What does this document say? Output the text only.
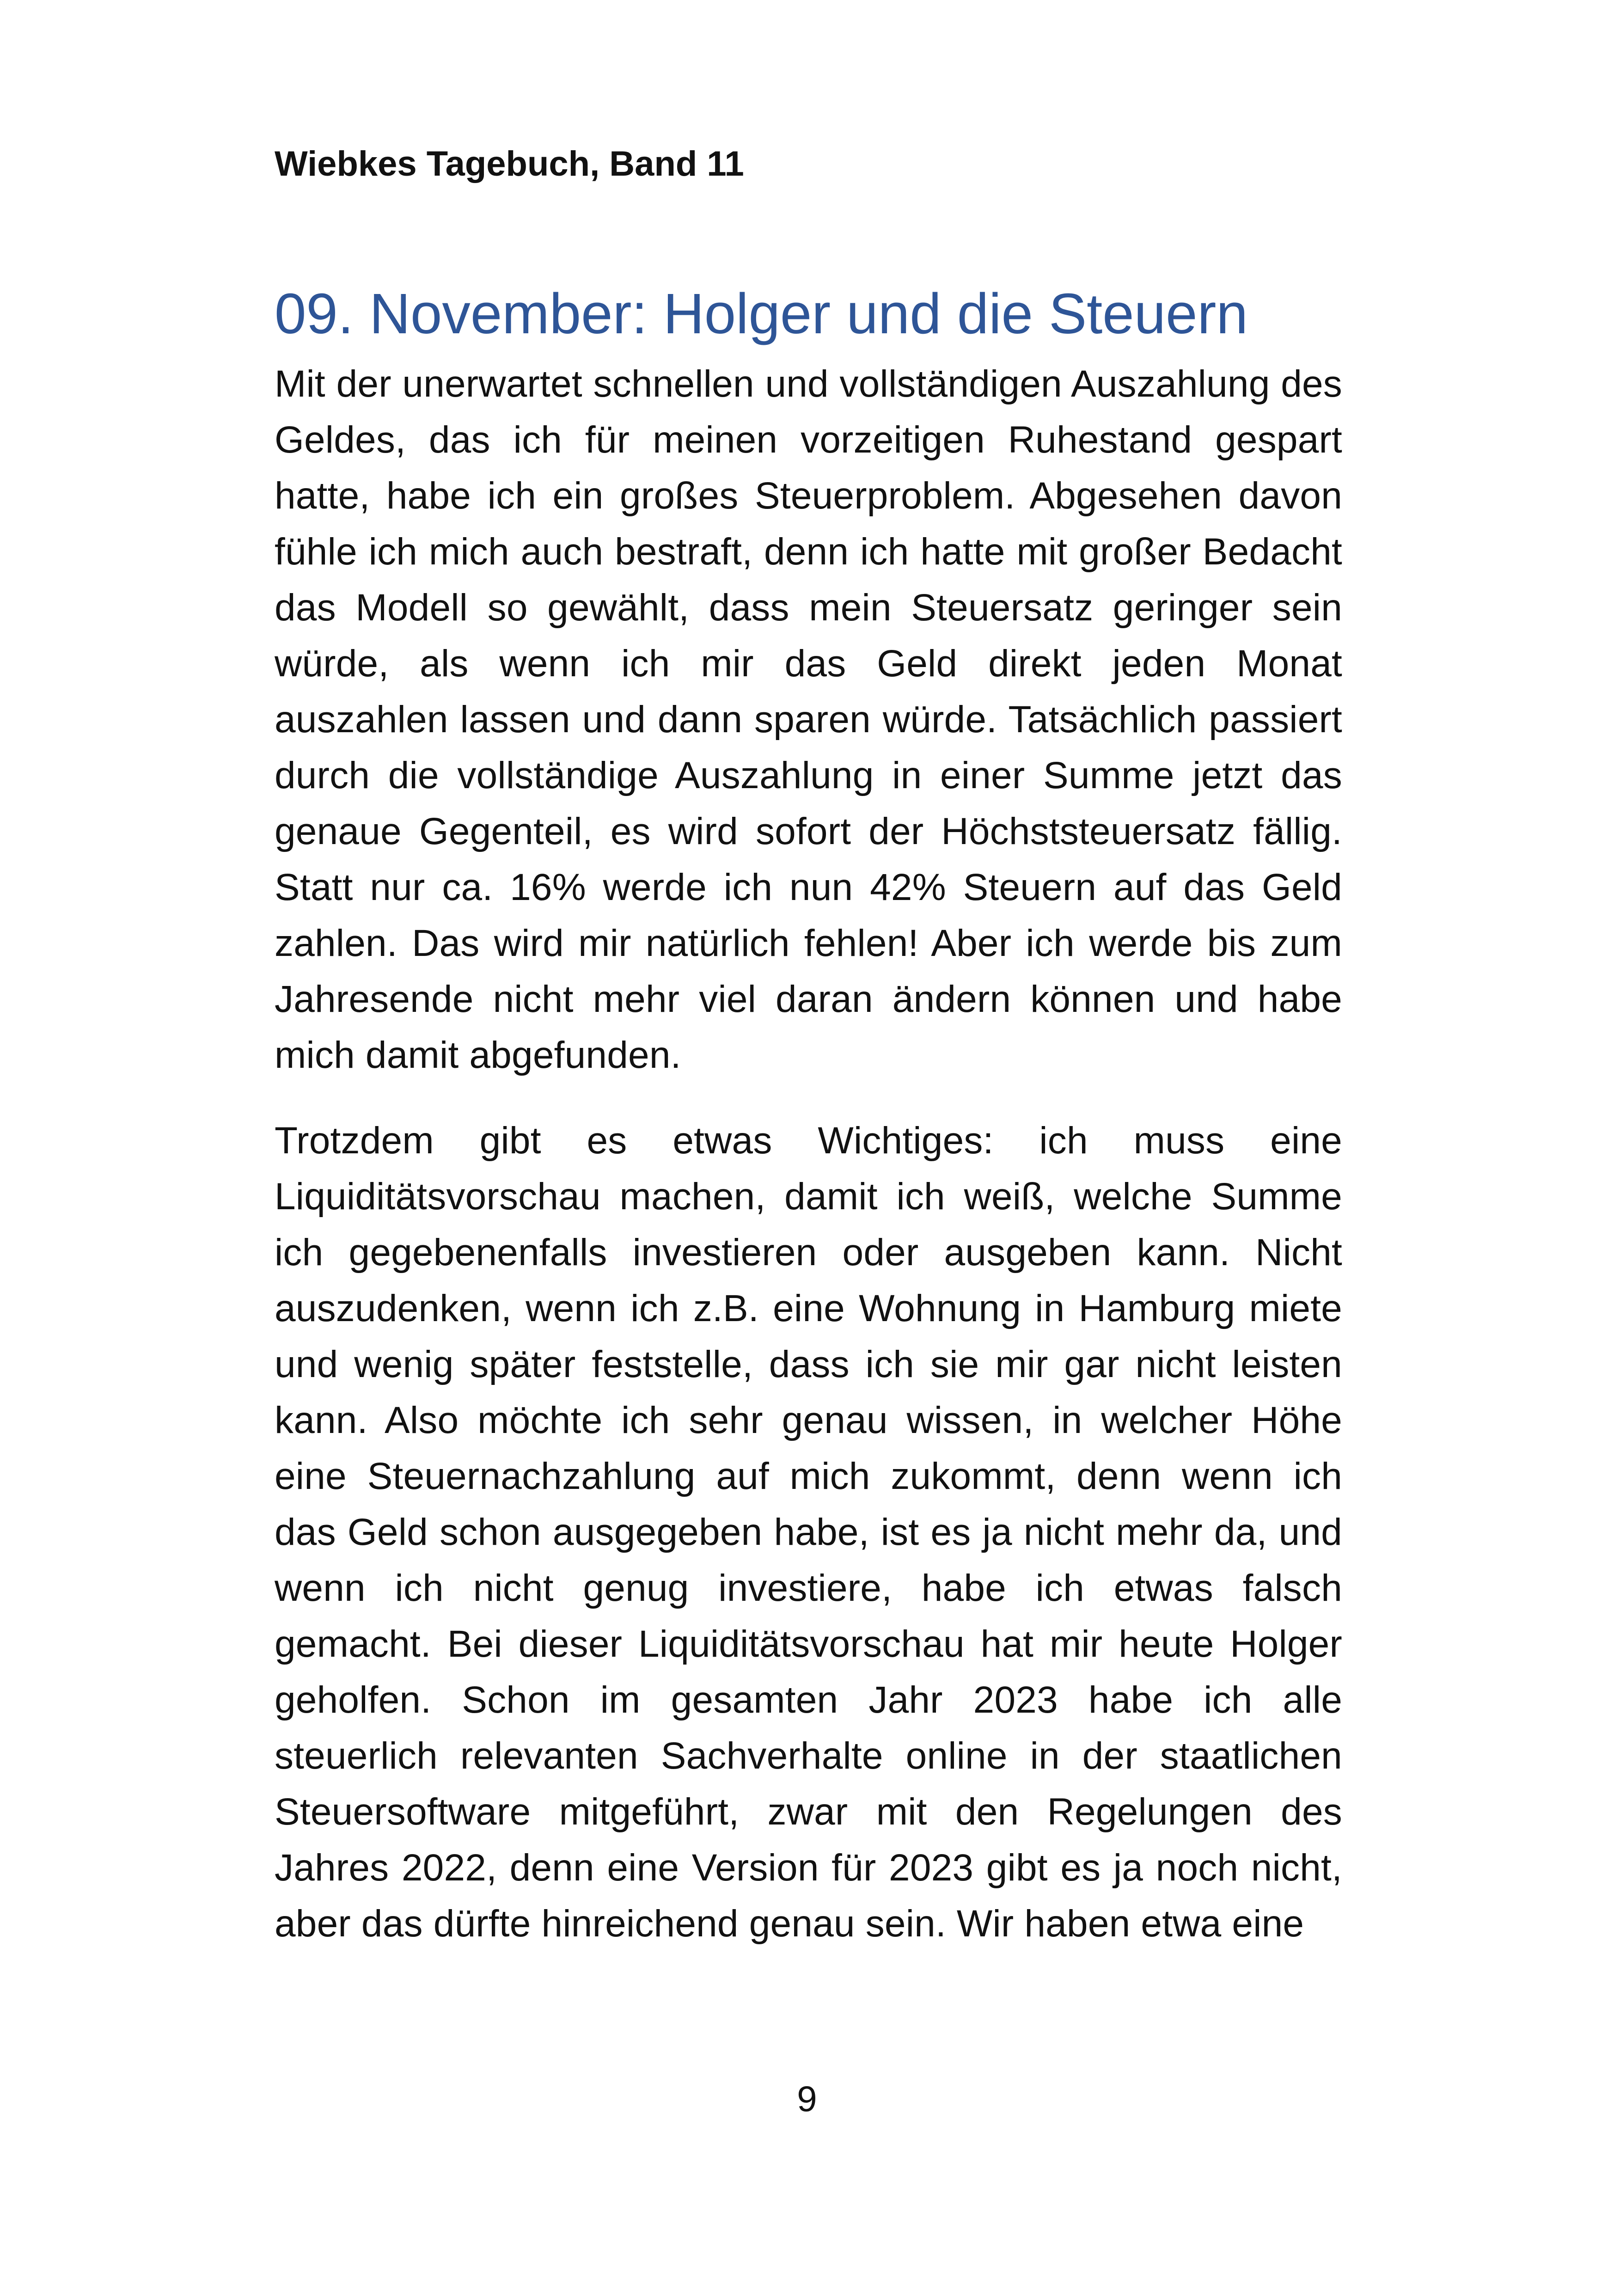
Wiebkes Tagebuch, Band 11
09. November: Holger und die Steuern

Mit der unerwartet schnellen und vollständigen Auszahlung des Geldes, das ich für meinen vorzeitigen Ruhestand gespart hatte, habe ich ein großes Steuerproblem. Abgesehen davon fühle ich mich auch bestraft, denn ich hatte mit großer Bedacht das Modell so gewählt, dass mein Steuersatz geringer sein würde, als wenn ich mir das Geld direkt jeden Monat auszahlen lassen und dann sparen würde. Tatsächlich passiert durch die vollständige Auszahlung in einer Summe jetzt das genaue Gegenteil, es wird sofort der Höchststeuersatz fällig. Statt nur ca. 16% werde ich nun 42% Steuern auf das Geld zahlen. Das wird mir natürlich fehlen! Aber ich werde bis zum Jahresende nicht mehr viel daran ändern können und habe mich damit abgefunden.

Trotzdem gibt es etwas Wichtiges: ich muss eine Liquiditätsvorschau machen, damit ich weiß, welche Summe ich gegebenenfalls investieren oder ausgeben kann. Nicht auszudenken, wenn ich z.B. eine Wohnung in Hamburg miete und wenig später feststelle, dass ich sie mir gar nicht leisten kann. Also möchte ich sehr genau wissen, in welcher Höhe eine Steuernachzahlung auf mich zukommt, denn wenn ich das Geld schon ausgegeben habe, ist es ja nicht mehr da, und wenn ich nicht genug investiere, habe ich etwas falsch gemacht. Bei dieser Liquiditätsvorschau hat mir heute Holger geholfen. Schon im gesamten Jahr 2023 habe ich alle steuerlich relevanten Sachverhalte online in der staatlichen Steuersoftware mitgeführt, zwar mit den Regelungen des Jahres 2022, denn eine Version für 2023 gibt es ja noch nicht, aber das dürfte hinreichend genau sein. Wir haben etwa eine

9
